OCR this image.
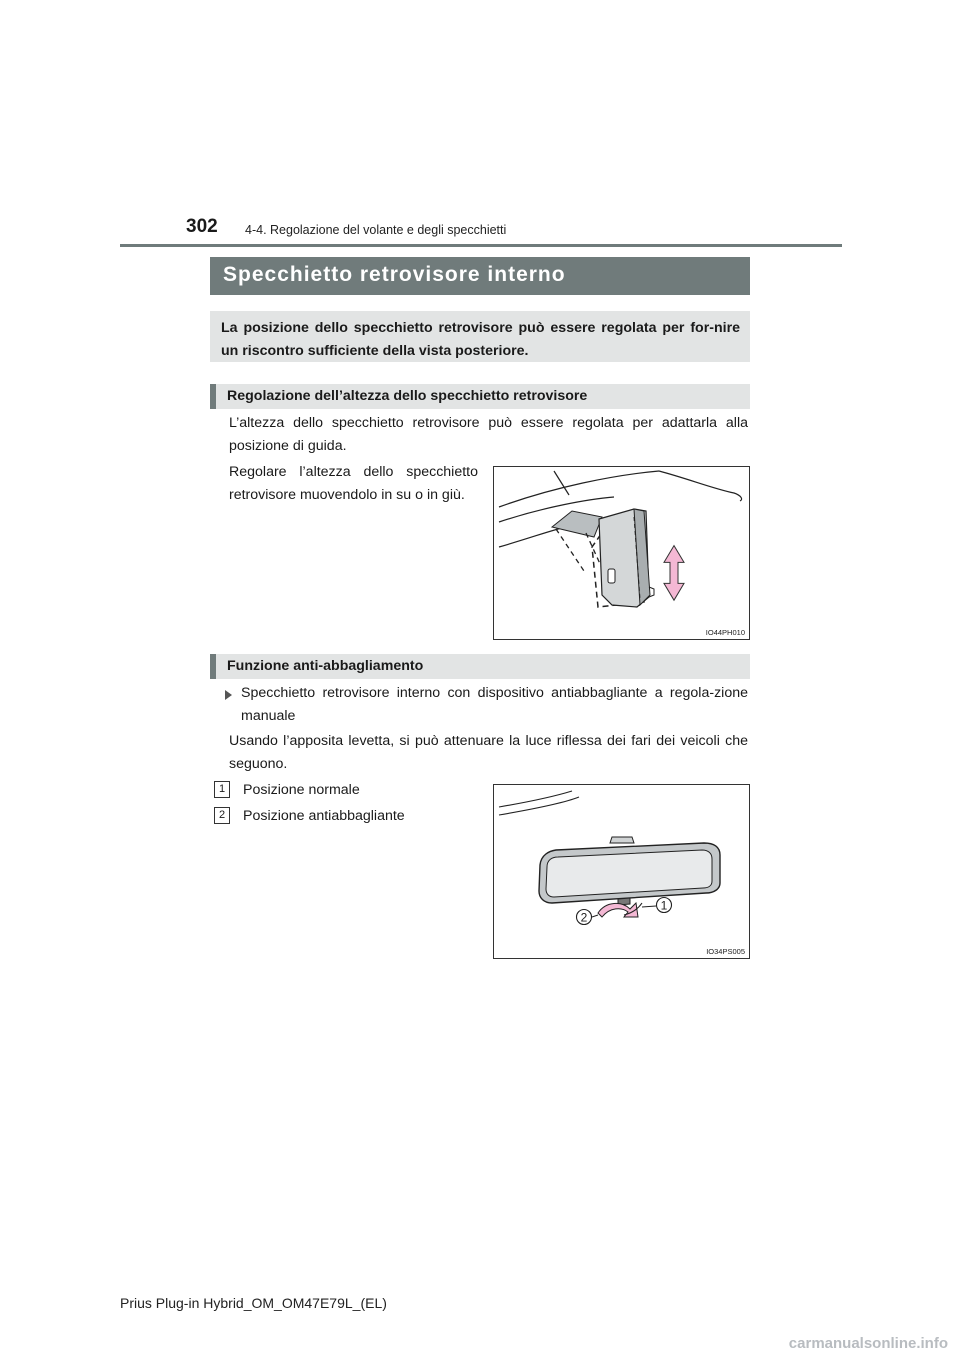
302 4-4. Regolazione del volante e degli specchietti
Specchietto retrovisore interno
La posizione dello specchietto retrovisore può essere regolata per for-nire un riscontro sufficiente della vista posteriore.
Regolazione dell’altezza dello specchietto retrovisore
L’altezza dello specchietto retrovisore può essere regolata per adattarla alla posizione di guida.
Regolare l’altezza dello specchietto retrovisore muovendolo in su o in giù.
IO44PH010
Funzione anti-abbagliamento
Specchietto retrovisore interno con dispositivo antiabbagliante a regola-zione manuale
Usando l’apposita levetta, si può attenuare la luce riflessa dei fari dei veicoli che seguono.
1	Posizione normale
2	Posizione antiabbagliante
2
1
IO34PS005
Prius Plug-in Hybrid_OM_OM47E79L_(EL)
carmanualsonline.info
